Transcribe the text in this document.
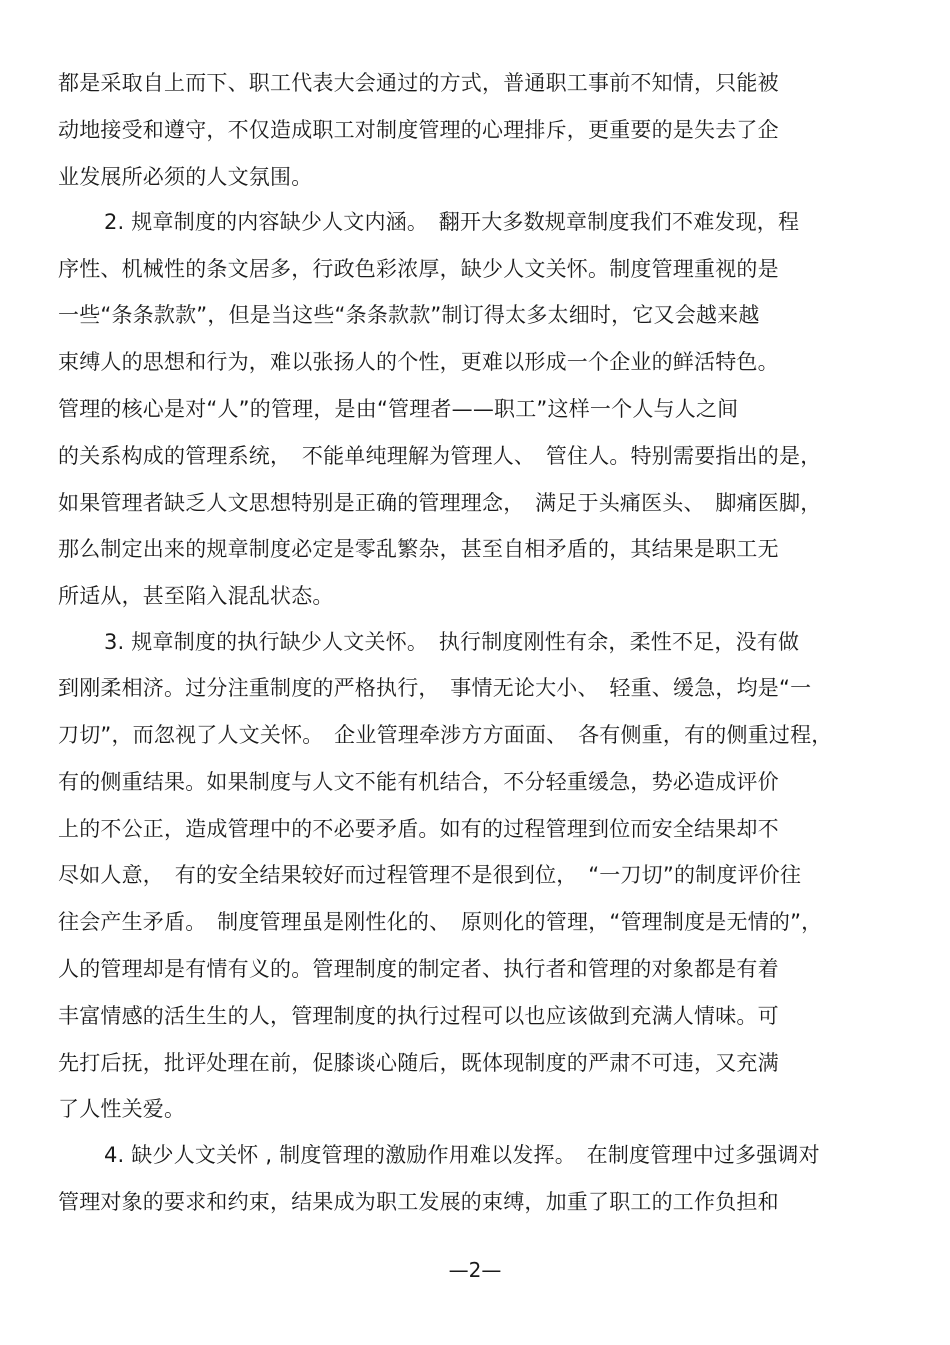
都是采取自上而下、职工代表大会通过的方式，普通职工事前不知情，只能被
动地接受和遵守，不仅造成职工对制度管理的心理排斥，更重要的是失去了企
业发展所必须的人文氛围。
2. 规章制度的内容缺少人文内涵。　翻开大多数规章制度我们不难发现，程
序性、机械性的条文居多，行政色彩浓厚，缺少人文关怀。制度管理重视的是
一些“条条款款”，但是当这些“条条款款”制订得太多太细时，它又会越来越
束缚人的思想和行为，难以张扬人的个性，更难以形成一个企业的鲜活特色。
管理的核心是对“人”的管理，是由“管理者——职工”这样一个人与人之间
的关系构成的管理系统，　不能单纯理解为管理人、　管住人。特别需要指出的是，
如果管理者缺乏人文思想特别是正确的管理理念，　满足于头痛医头、　脚痛医脚，
那么制定出来的规章制度必定是零乱繁杂，甚至自相矛盾的，其结果是职工无
所适从，甚至陷入混乱状态。
3. 规章制度的执行缺少人文关怀。　执行制度刚性有余，柔性不足，没有做
到刚柔相济。过分注重制度的严格执行，　事情无论大小、　轻重、缓急，均是“一
刀切”，而忽视了人文关怀。　企业管理牵涉方方面面、　各有侧重，有的侧重过程，
有的侧重结果。如果制度与人文不能有机结合，不分轻重缓急，势必造成评价
上的不公正，造成管理中的不必要矛盾。如有的过程管理到位而安全结果却不
尽如人意，　有的安全结果较好而过程管理不是很到位，　“一刀切”的制度评价往
往会产生矛盾。　制度管理虽是刚性化的、　原则化的管理，“管理制度是无情的”，
人的管理却是有情有义的。管理制度的制定者、执行者和管理的对象都是有着
丰富情感的活生生的人，管理制度的执行过程可以也应该做到充满人情味。可
先打后抚，批评处理在前，促膝谈心随后，既体现制度的严肃不可违，又充满
了人性关爱。
4. 缺少人文关怀 , 制度管理的激励作用难以发挥。　在制度管理中过多强调对
管理对象的要求和约束，结果成为职工发展的束缚，加重了职工的工作负担和
—2—
